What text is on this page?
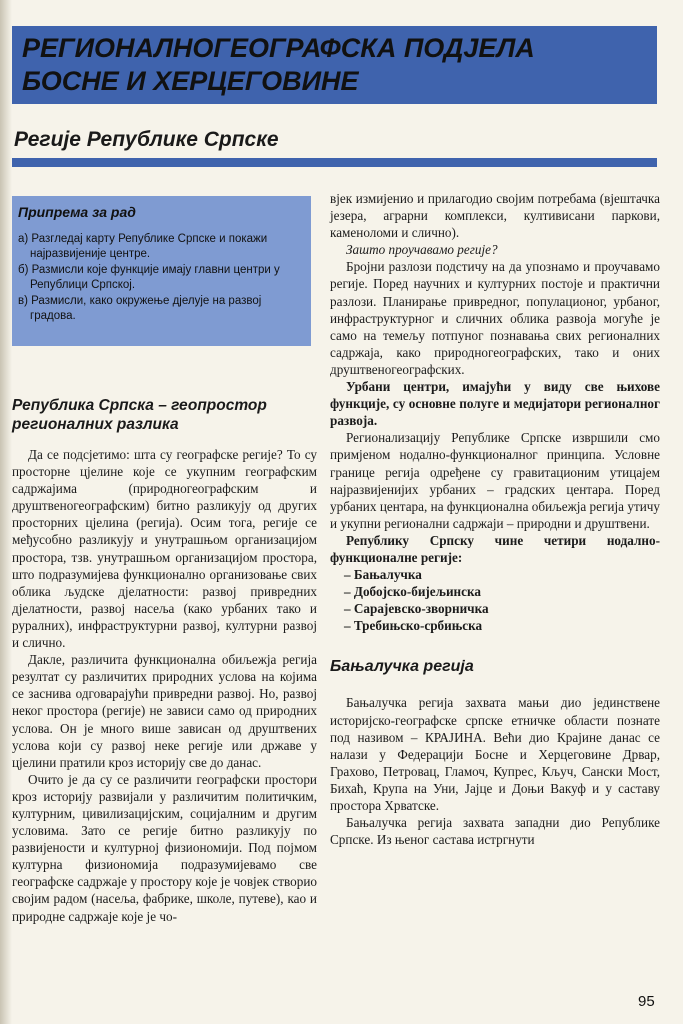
РЕГИОНАЛНОГЕОГРАФСКА ПОДЈЕЛА
БОСНЕ И ХЕРЦЕГОВИНЕ
Регије Републике Српске
Припрема за рад
а) Разгледај карту Републике Српске и покажи најразвијеније центре.
б) Размисли које функције имају главни центри у Републици Српској.
в) Размисли, како окружење дјелује на развој градова.
Република Српска – геопростор регионалних разлика

Да се подсјетимо: шта су географске регије? То су просторне цјелине које се укупним географским садржајима (природногеографским и друштвеногеографским) битно разликују од других просторних цјелина (регија). Осим тога, регије се међусобно разликују и унутрашњом организацијом простора, тзв. унутрашњом организацијом простора, што подразумијева функционално организовање свих облика људске дјелатности: развој привредних дјелатности, развој насеља (како урбаних тако и руралних), инфраструктурни развој, културни развој и слично.

Дакле, различита функционална обиљежја регија резултат су различитих природних услова на којима се заснива одговарајући привредни развој. Но, развој неког простора (регије) не зависи само од природних услова. Он је много више зависан од друштвених услова који су развој неке регије или државе у цјелини пратили кроз историју све до данас.

Очито је да су се различити географски простори кроз историју развијали у различитим политичким, културним, цивилизацијским, социјалним и другим условима. Зато се регије битно разликују по развијености и културној физиономији. Под појмом културна физиономија подразумијевамо све географске садржаје у простору које је човјек створио својим радом (насеља, фабрике, школе, путеве), као и природне садржаје које је чо-

вјек измијенио и прилагодио својим потребама (вјештачка језера, аграрни комплекси, култивисани паркови, каменоломи и слично).

Зашто проучавамо регије?

Бројни разлози подстичу на да упознамо и проучавамо регије. Поред научних и културних постоје и практични разлози. Планирање привредног, популационог, урбаног, инфраструктурног и сличних облика развоја могуће је само на темељу потпуног познавања свих регионалних садржаја, како природногеографских, тако и оних друштвеногеографских.

Урбани центри, имајући у виду све њихове функције, су основне полуге и медијатори регионалног развоја.

Регионализацију Републике Српске извршили смо примјеном нодално-функционалног принципа. Условне границе регија одређене су гравитационим утицајем најразвијенијих урбаних – градских центара. Поред урбаних центара, на функционална обиљежја регија утичу и укупни регионални садржаји – природни и друштвени.

Републику Српску чине четири нодално-функционалне регије:

– Бањалучка
– Добојско-бијељинска
– Сарајевско-зворничка
– Требињско-србињска
Бањалучка регија

Бањалучка регија захвата мањи дио јединствене историјско-географске српске етничке области познате под називом – КРАЈИНА. Већи дио Крајине данас се налази у Федерацији Босне и Херцеговине Дрвар, Грахово, Петровац, Гламоч, Купрес, Кључ, Сански Мост, Бихаћ, Крупа на Уни, Јајце и Доњи Вакуф и у саставу простора Хрватске.

Бањалучка регија захвата западни дио Републике Српске. Из њеног састава истргнути

95
